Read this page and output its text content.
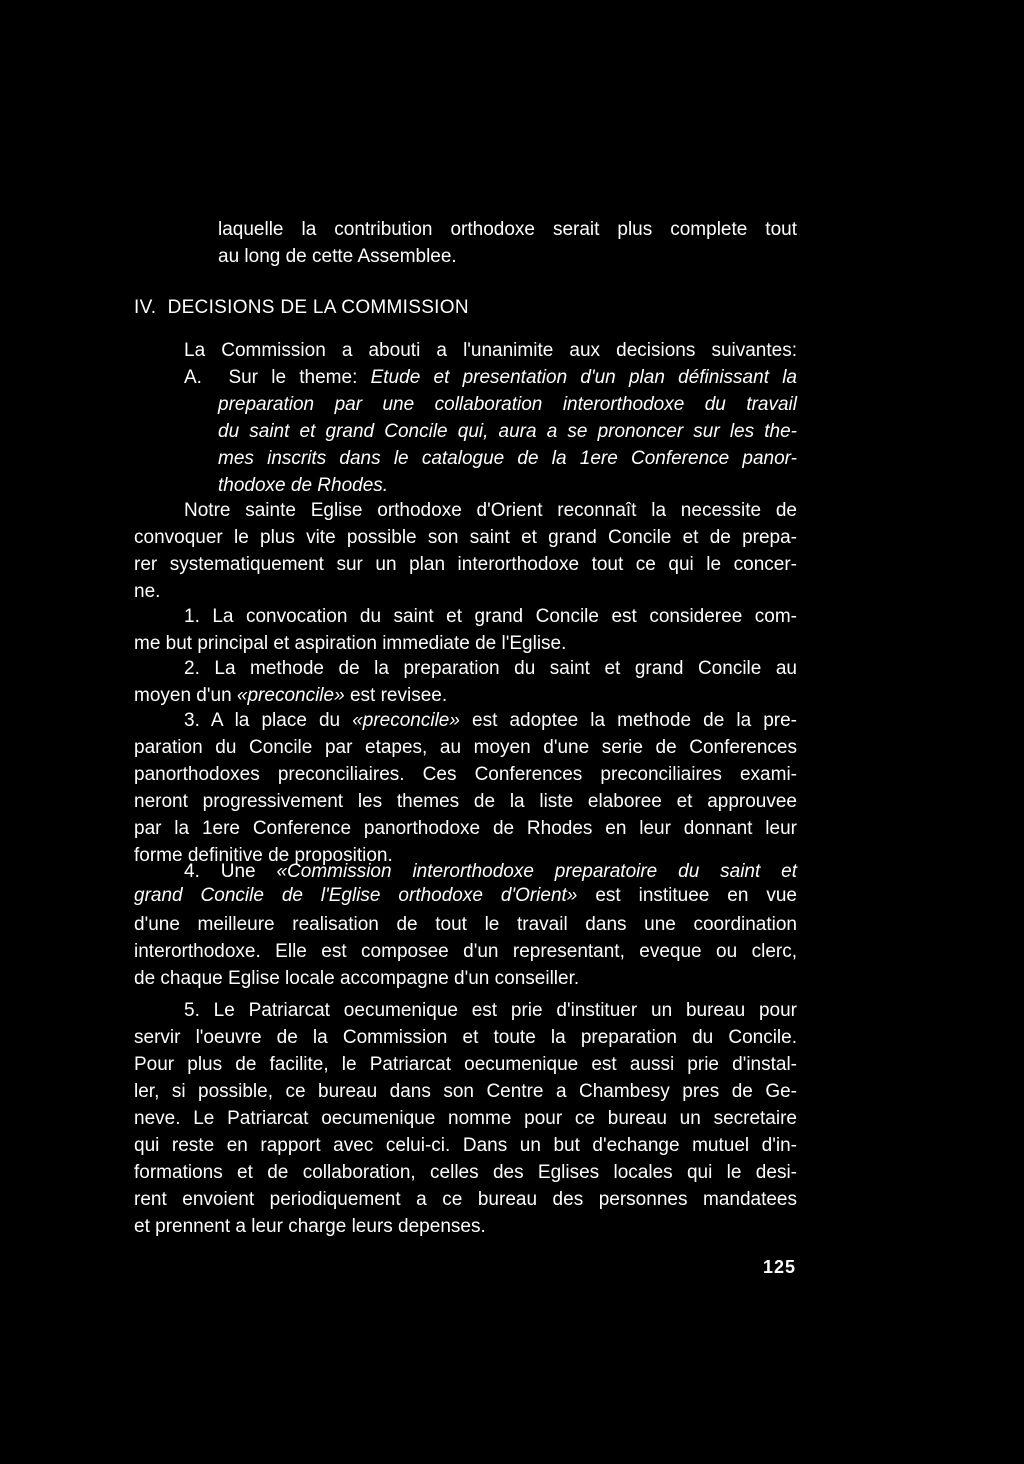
laquelle la contribution orthodoxe serait plus complete tout
au long de cette Assemblee.
IV. DECISIONS DE LA COMMISSION
La Commission a abouti a l'unanimite aux decisions suivantes:
A. Sur le theme: Etude et presentation d'un plan définissant la
preparation par une collaboration interorthodoxe du travail
du saint et grand Concile qui, aura a se prononcer sur les the-
mes inscrits dans le catalogue de la 1ere Conference panor-
thodoxe de Rhodes.
Notre sainte Eglise orthodoxe d'Orient reconnaît la necessite de
convoquer le plus vite possible son saint et grand Concile et de prepa-
rer systematiquement sur un plan interorthodoxe tout ce qui le concer-
ne.
1. La convocation du saint et grand Concile est consideree com-
me but principal et aspiration immediate de l'Eglise.
2. La methode de la preparation du saint et grand Concile au
moyen d'un «preconcile» est revisee.
3. A la place du «preconcile» est adoptee la methode de la pre-
paration du Concile par etapes, au moyen d'une serie de Conferences
panorthodoxes preconciliaires. Ces Conferences preconciliaires exami-
neront progressivement les themes de la liste elaboree et approuvee
par la 1ere Conference panorthodoxe de Rhodes en leur donnant leur
forme definitive de proposition.
4. Une «Commission interorthodoxe preparatoire du saint et
grand Concile de l'Eglise orthodoxe d'Orient» est instituee en vue
d'une meilleure realisation de tout le travail dans une coordination
interorthodoxe. Elle est composee d'un representant, eveque ou clerc,
de chaque Eglise locale accompagne d'un conseiller.
5. Le Patriarcat oecumenique est prie d'instituer un bureau pour
servir l'oeuvre de la Commission et toute la preparation du Concile.
Pour plus de facilite, le Patriarcat oecumenique est aussi prie d'instal-
ler, si possible, ce bureau dans son Centre a Chambesy pres de Ge-
neve. Le Patriarcat oecumenique nomme pour ce bureau un secretaire
qui reste en rapport avec celui-ci. Dans un but d'echange mutuel d'in-
formations et de collaboration, celles des Eglises locales qui le desi-
rent envoient periodiquement a ce bureau des personnes mandatees
et prennent a leur charge leurs depenses.
125
